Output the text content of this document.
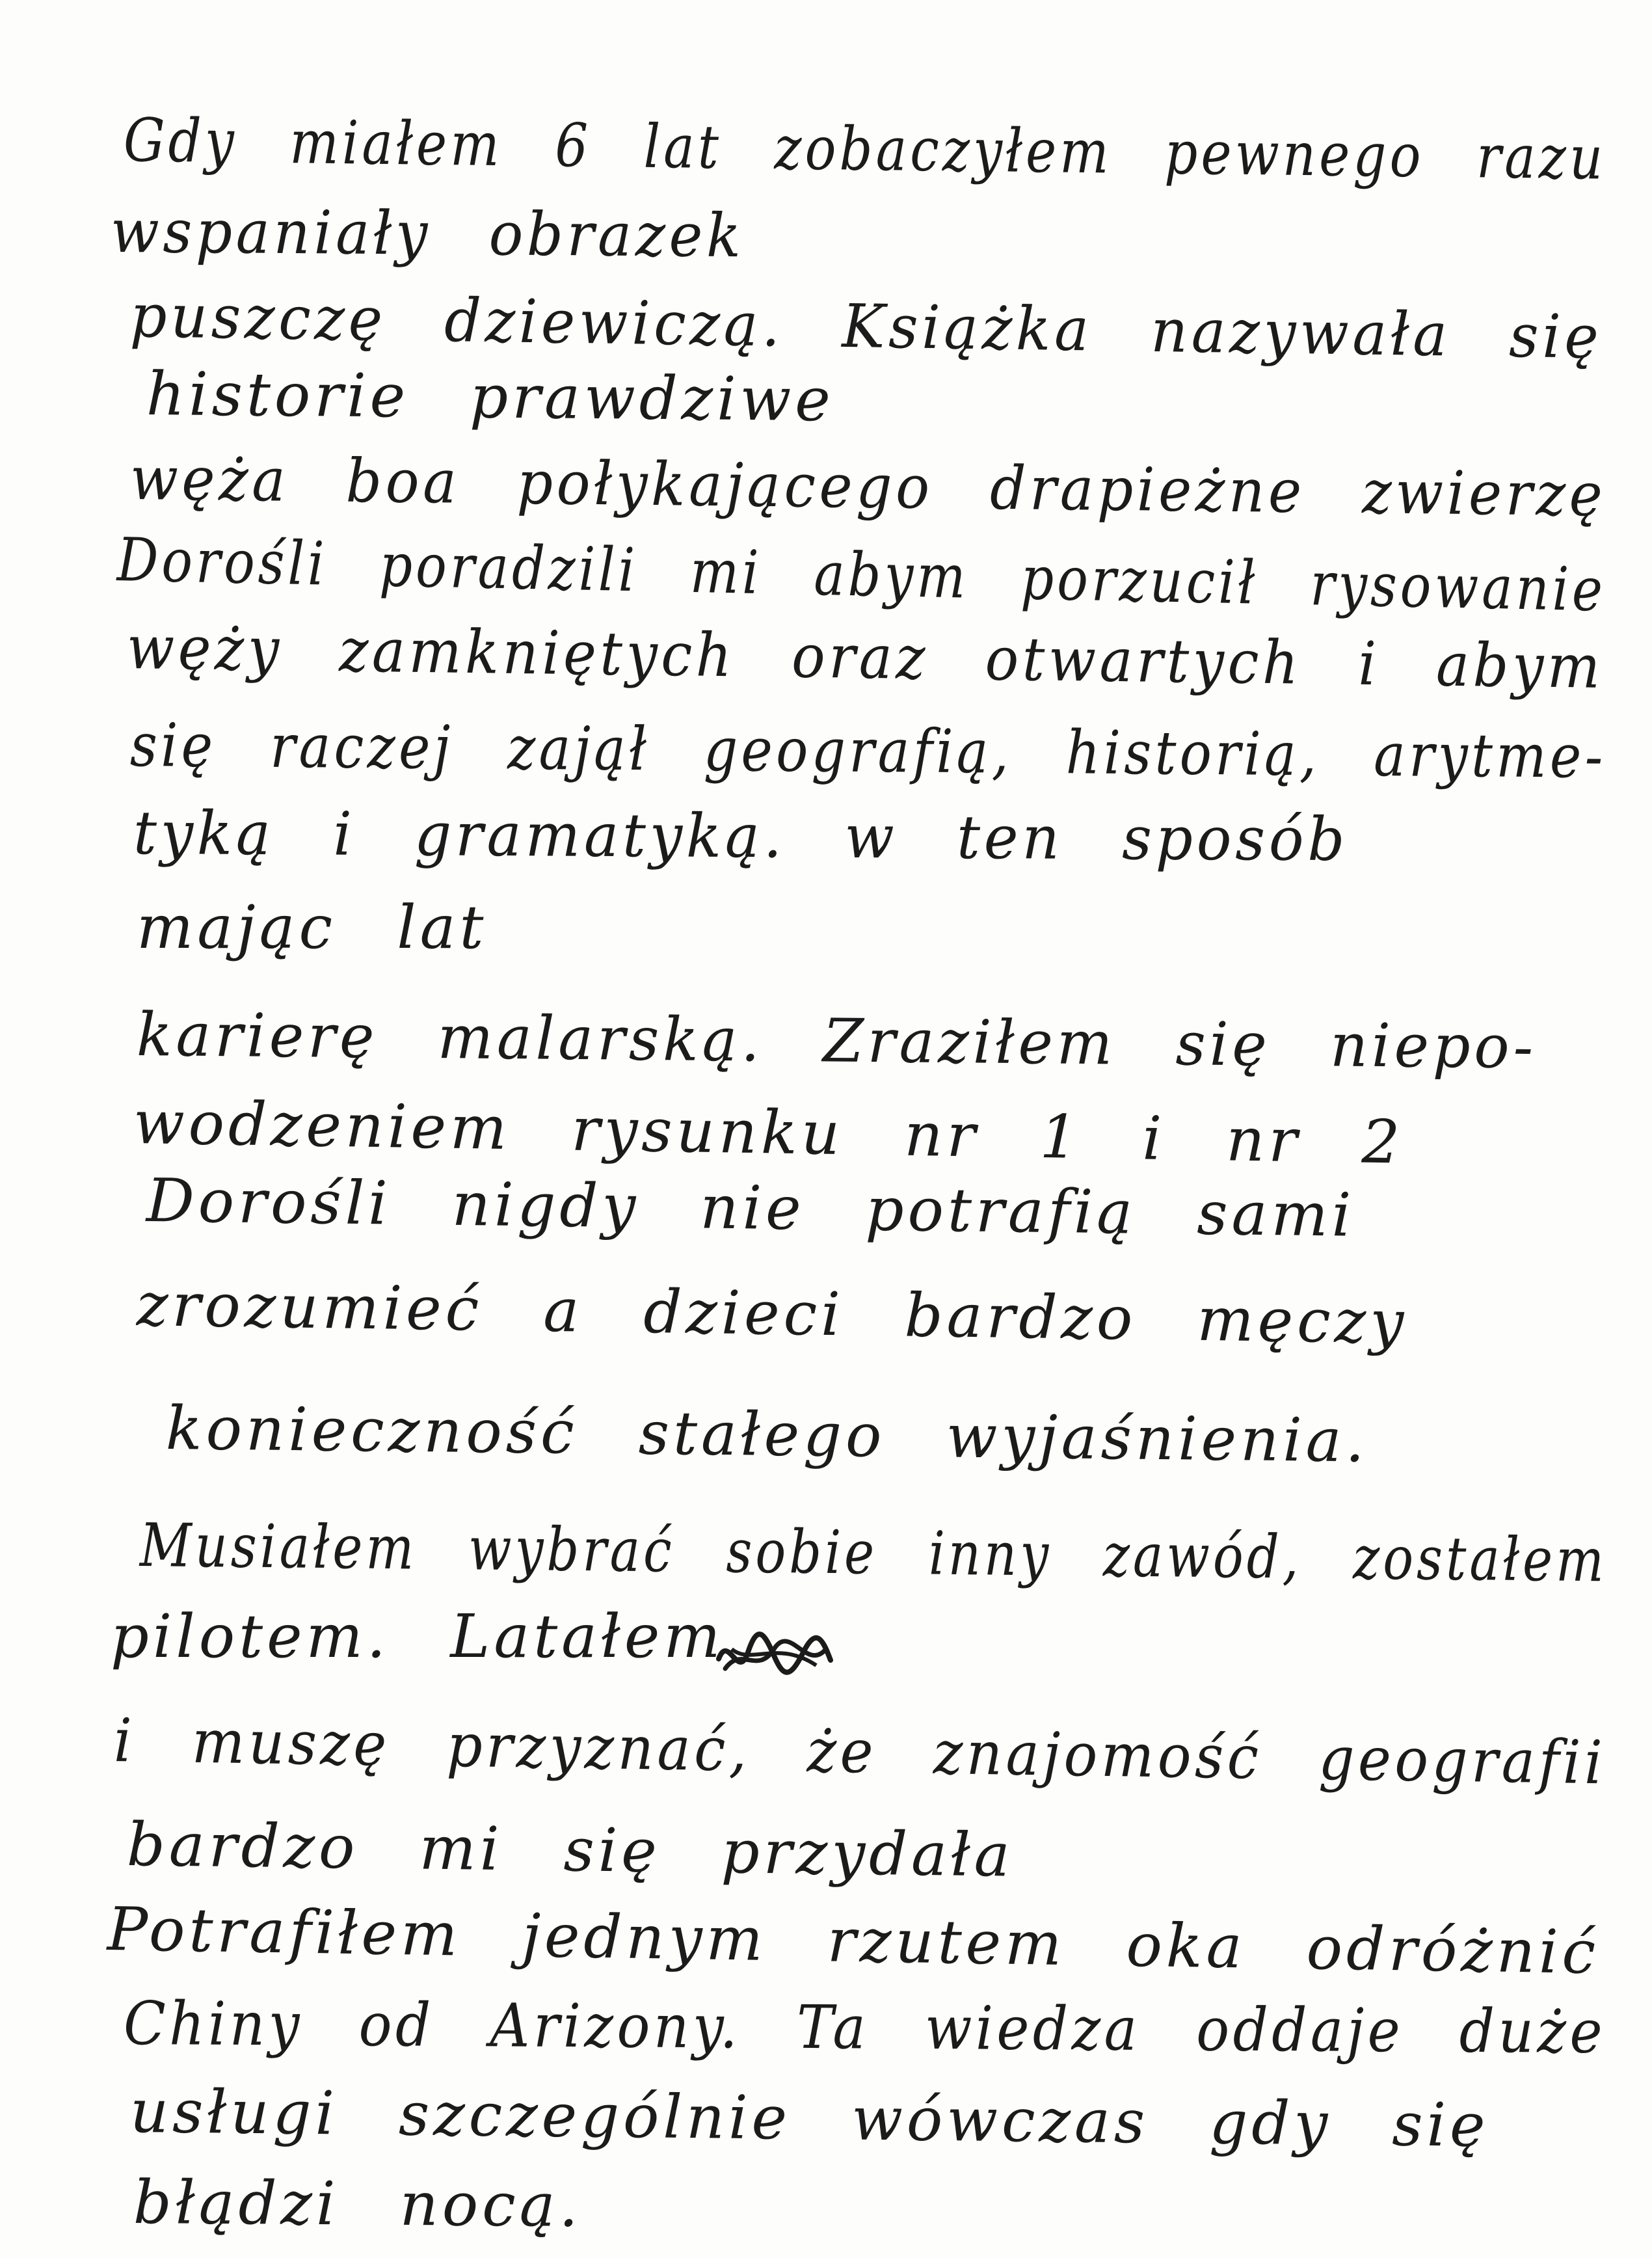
Gdy miałem 6 lat zobaczyłem pewnego razu
wspaniały obrazek
puszczę dziewiczą. Książka nazywała się
historie prawdziwe
węża boa połykającego drapieżne zwierzę
Dorośli poradzili mi abym porzucił rysowanie
węży zamkniętych oraz otwartych i abym
się raczej zajął geografią, historią, arytme-
tyką i gramatyką. w ten sposób
mając lat
karierę malarską. Zraziłem się niepo-
wodzeniem rysunku nr 1 i nr 2
Dorośli nigdy nie potrafią sami
zrozumieć a dzieci bardzo męczy
konieczność stałego wyjaśnienia.
Musiałem wybrać sobie inny zawód, zostałem
pilotem. Latałem
i muszę przyznać, że znajomość geografii
bardzo mi się przydała
Potrafiłem jednym rzutem oka odróżnić
Chiny od Arizony. Ta wiedza oddaje duże
usługi szczególnie wówczas gdy się
błądzi nocą.
